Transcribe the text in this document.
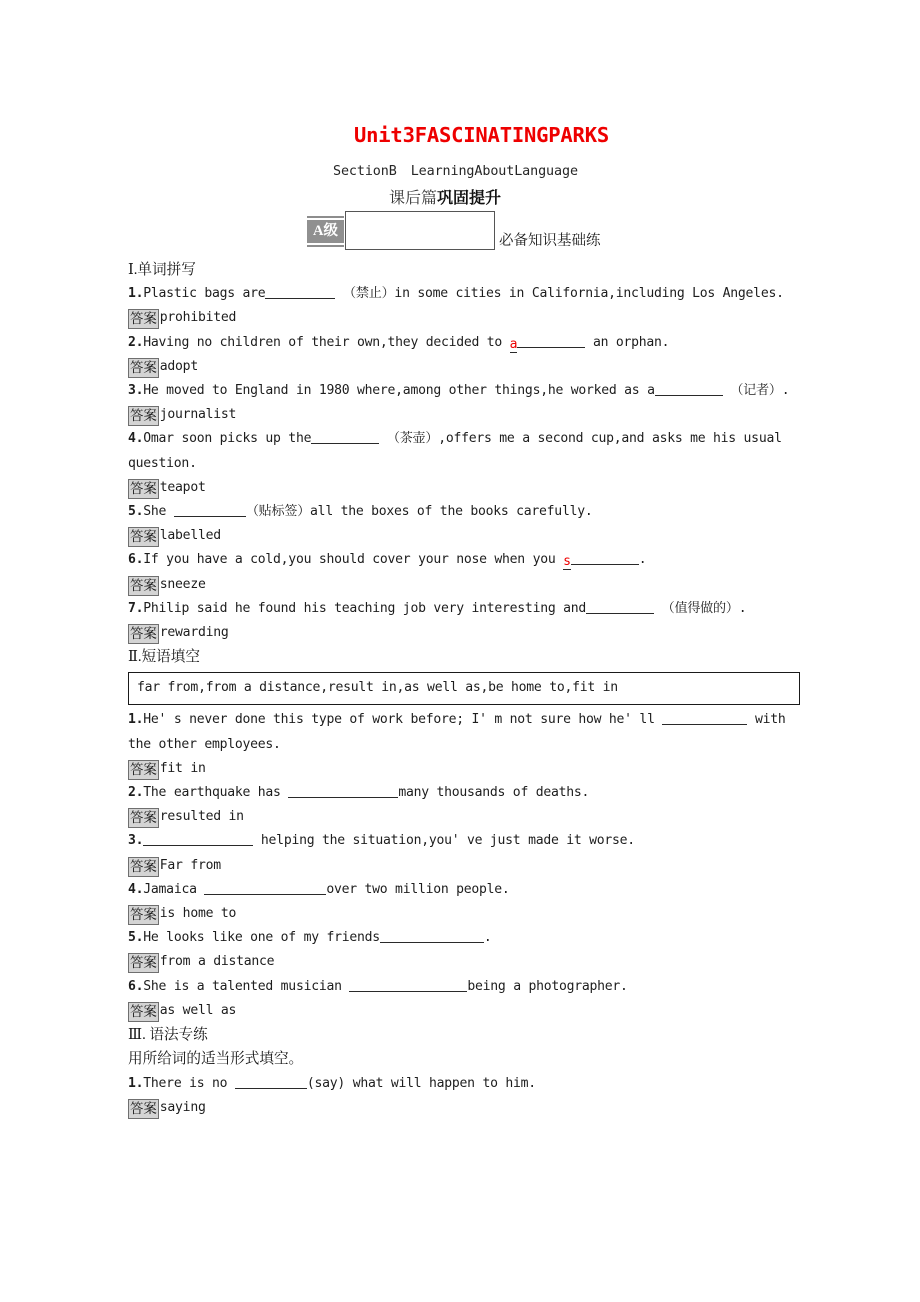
Unit3FASCINATINGPARKS
SectionB LearningAboutLanguage
课后篇巩固提升
A级
必备知识基础练
Ⅰ.单词拼写
1.Plastic bags are	（禁止）in some cities in California,including Los Angeles.
答案 prohibited
2.Having no children of their own,they decided to a	an orphan.
答案 adopt
3.He moved to England in 1980 where,among other things,he worked as a	（记者）.
答案 journalist
4.Omar soon picks up the	（茶壶）,offers me a second cup,and asks me his usual question.
答案 teapot
5.She	（贴标签）all the boxes of the books carefully.
答案 labelled
6.If you have a cold,you should cover your nose when you s	.
答案 sneeze
7.Philip said he found his teaching job very interesting and	（值得做的）.
答案 rewarding
Ⅱ.短语填空
far from,from a distance,result in,as well as,be home to,fit in
1.He' s never done this type of work before; I' m not sure how he' ll	with the other employees.
答案 fit in
2.The earthquake has	many thousands of deaths.
答案 resulted in
3.	helping the situation,you' ve just made it worse.
答案 Far from
4.Jamaica	over two million people.
答案 is home to
5.He looks like one of my friends	.
答案 from a distance
6.She is a talented musician	being a photographer.
答案 as well as
Ⅲ. 语法专练
用所给词的适当形式填空。
1.There is no	(say) what will happen to him.
答案 saying
